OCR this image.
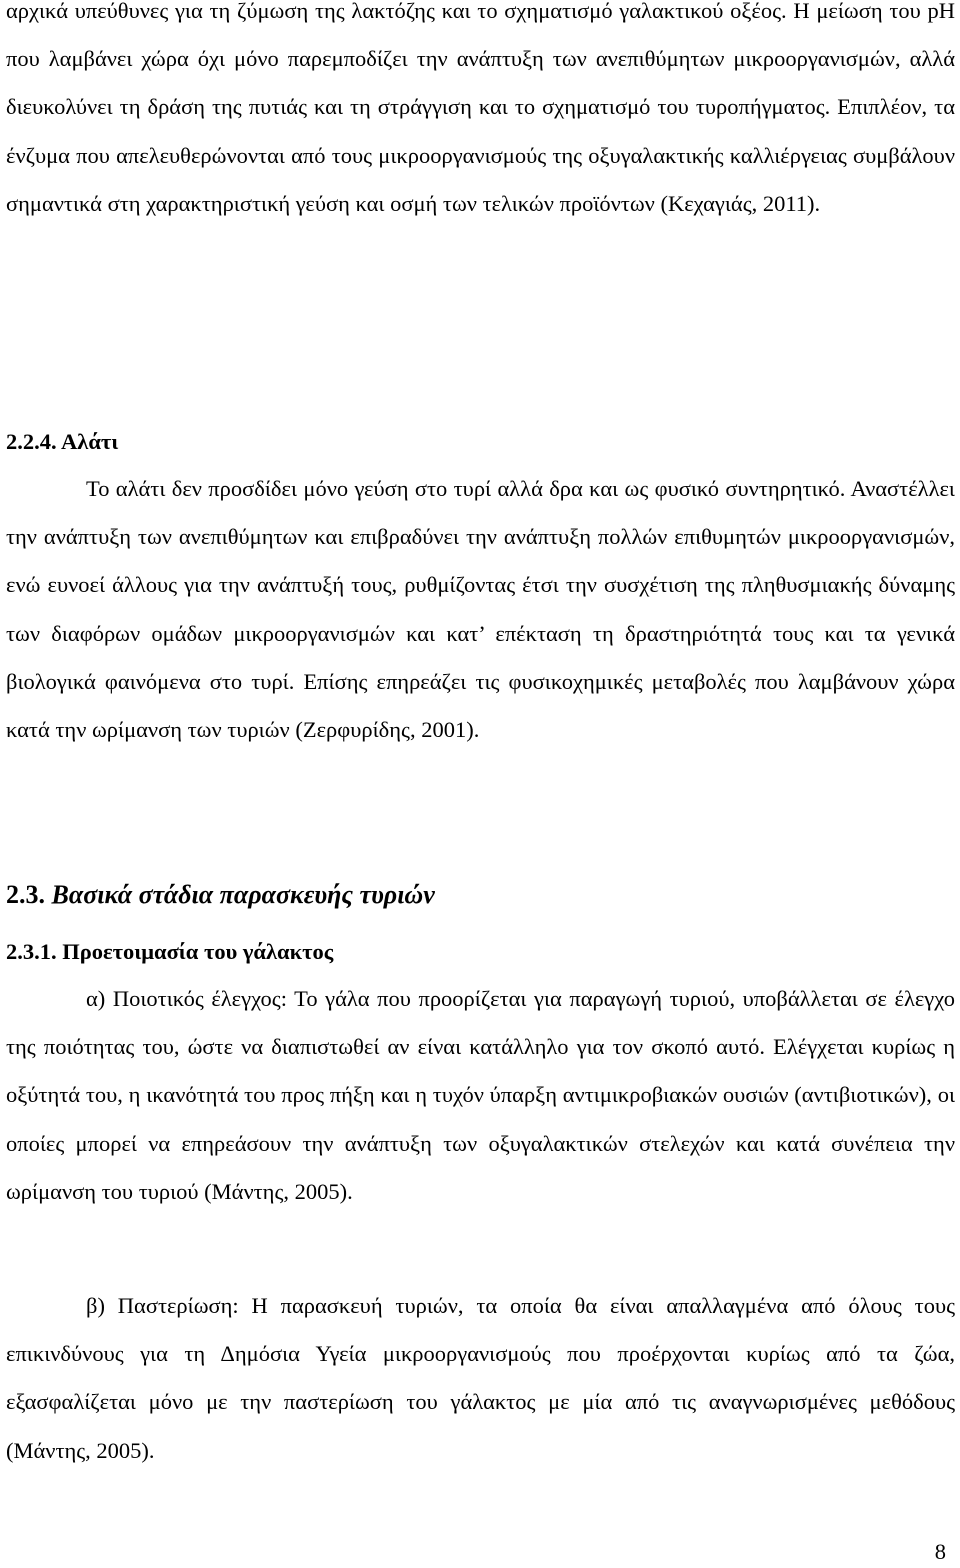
αρχικά υπεύθυνες για τη ζύμωση της λακτόζης και το σχηματισμό γαλακτικού οξέος. Η μείωση του pH που λαμβάνει χώρα όχι μόνο παρεμποδίζει την ανάπτυξη των ανεπιθύμητων μικροοργανισμών, αλλά διευκολύνει τη δράση της πυτιάς και τη στράγγιση και το σχηματισμό του τυροπήγματος. Επιπλέον, τα ένζυμα που απελευθερώνονται από τους μικροοργανισμούς της οξυγαλακτικής καλλιέργειας συμβάλουν σημαντικά στη χαρακτηριστική γεύση και οσμή των τελικών προϊόντων (Κεχαγιάς, 2011).

2.2.4. Αλάτι

Το αλάτι δεν προσδίδει μόνο γεύση στο τυρί αλλά δρα και ως φυσικό συντηρητικό. Αναστέλλει την ανάπτυξη των ανεπιθύμητων και επιβραδύνει την ανάπτυξη πολλών επιθυμητών μικροοργανισμών, ενώ ευνοεί άλλους για την ανάπτυξή τους, ρυθμίζοντας έτσι την συσχέτιση της πληθυσμιακής δύναμης των διαφόρων ομάδων μικροοργανισμών και κατ’ επέκταση τη δραστηριότητά τους και τα γενικά βιολογικά φαινόμενα στο τυρί. Επίσης επηρεάζει τις φυσικοχημικές μεταβολές που λαμβάνουν χώρα κατά την ωρίμανση των τυριών (Ζερφυρίδης, 2001).

2.3. Βασικά στάδια παρασκευής τυριών
2.3.1. Προετοιμασία του γάλακτος

α) Ποιοτικός έλεγχος: Το γάλα που προορίζεται για παραγωγή τυριού, υποβάλλεται σε έλεγχο της ποιότητας του, ώστε να διαπιστωθεί αν είναι κατάλληλο για τον σκοπό αυτό. Ελέγχεται κυρίως η οξύτητά του, η ικανότητά του προς πήξη και η τυχόν ύπαρξη αντιμικροβιακών ουσιών (αντιβιοτικών), οι οποίες μπορεί να επηρεάσουν την ανάπτυξη των οξυγαλακτικών στελεχών και κατά συνέπεια την ωρίμανση του τυριού (Μάντης, 2005).

β) Παστερίωση: Η παρασκευή τυριών, τα οποία θα είναι απαλλαγμένα από όλους τους επικινδύνους για τη Δημόσια Υγεία μικροοργανισμούς που προέρχονται κυρίως από τα ζώα, εξασφαλίζεται μόνο με την παστερίωση του γάλακτος με μία από τις αναγνωρισμένες μεθόδους (Μάντης, 2005).

8
